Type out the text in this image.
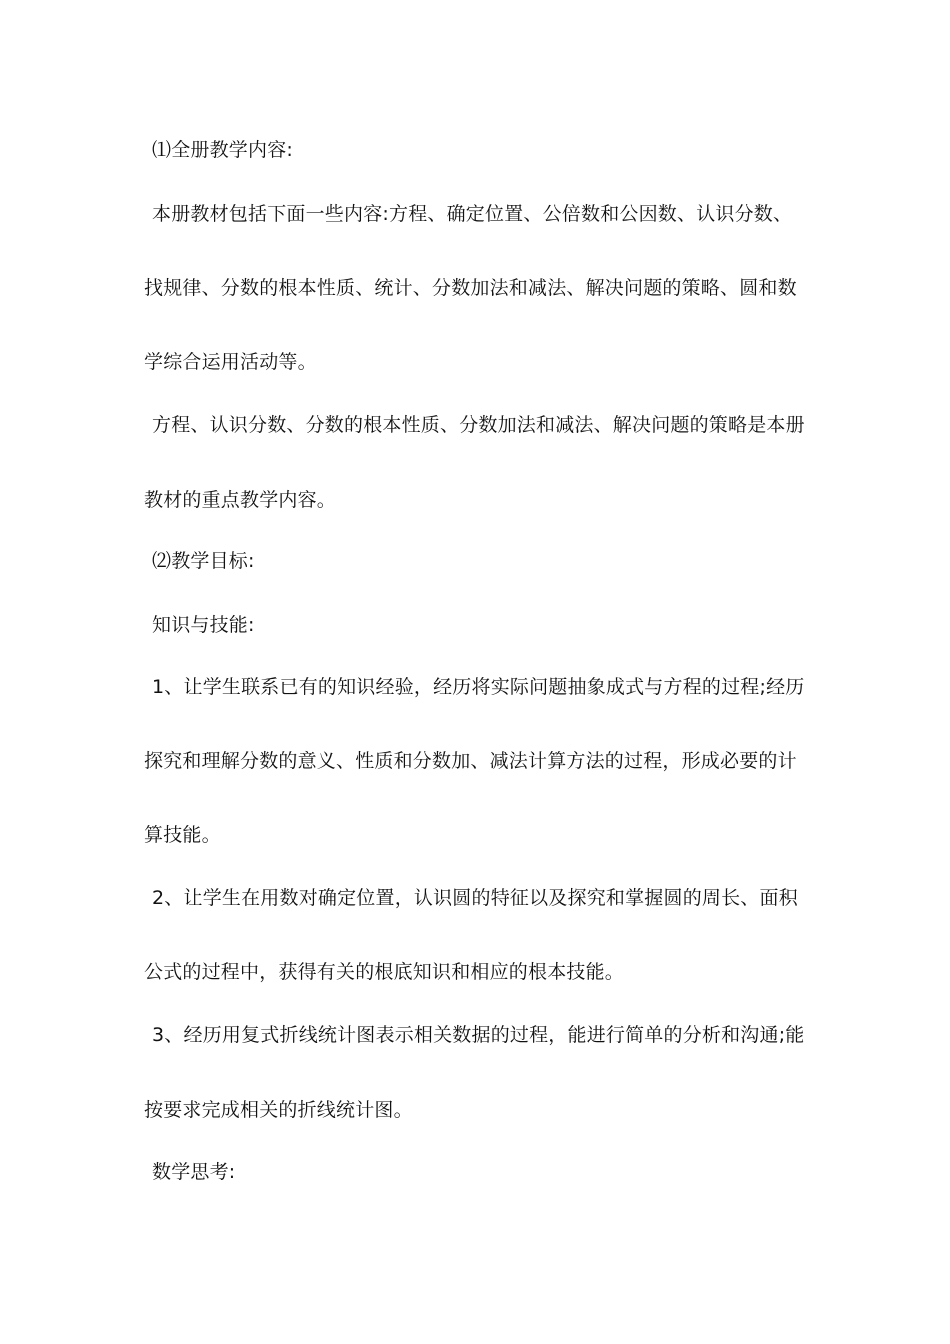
⑴全册教学内容:
本册教材包括下面一些内容:方程、确定位置、公倍数和公因数、认识分数、
找规律、分数的根本性质、统计、分数加法和减法、解决问题的策略、圆和数
学综合运用活动等。
方程、认识分数、分数的根本性质、分数加法和减法、解决问题的策略是本册
教材的重点教学内容。
⑵教学目标:
知识与技能:
1、让学生联系已有的知识经验，经历将实际问题抽象成式与方程的过程;经历
探究和理解分数的意义、性质和分数加、减法计算方法的过程，形成必要的计
算技能。
2、让学生在用数对确定位置，认识圆的特征以及探究和掌握圆的周长、面积
公式的过程中，获得有关的根底知识和相应的根本技能。
3、经历用复式折线统计图表示相关数据的过程，能进行简单的分析和沟通;能
按要求完成相关的折线统计图。
数学思考:
